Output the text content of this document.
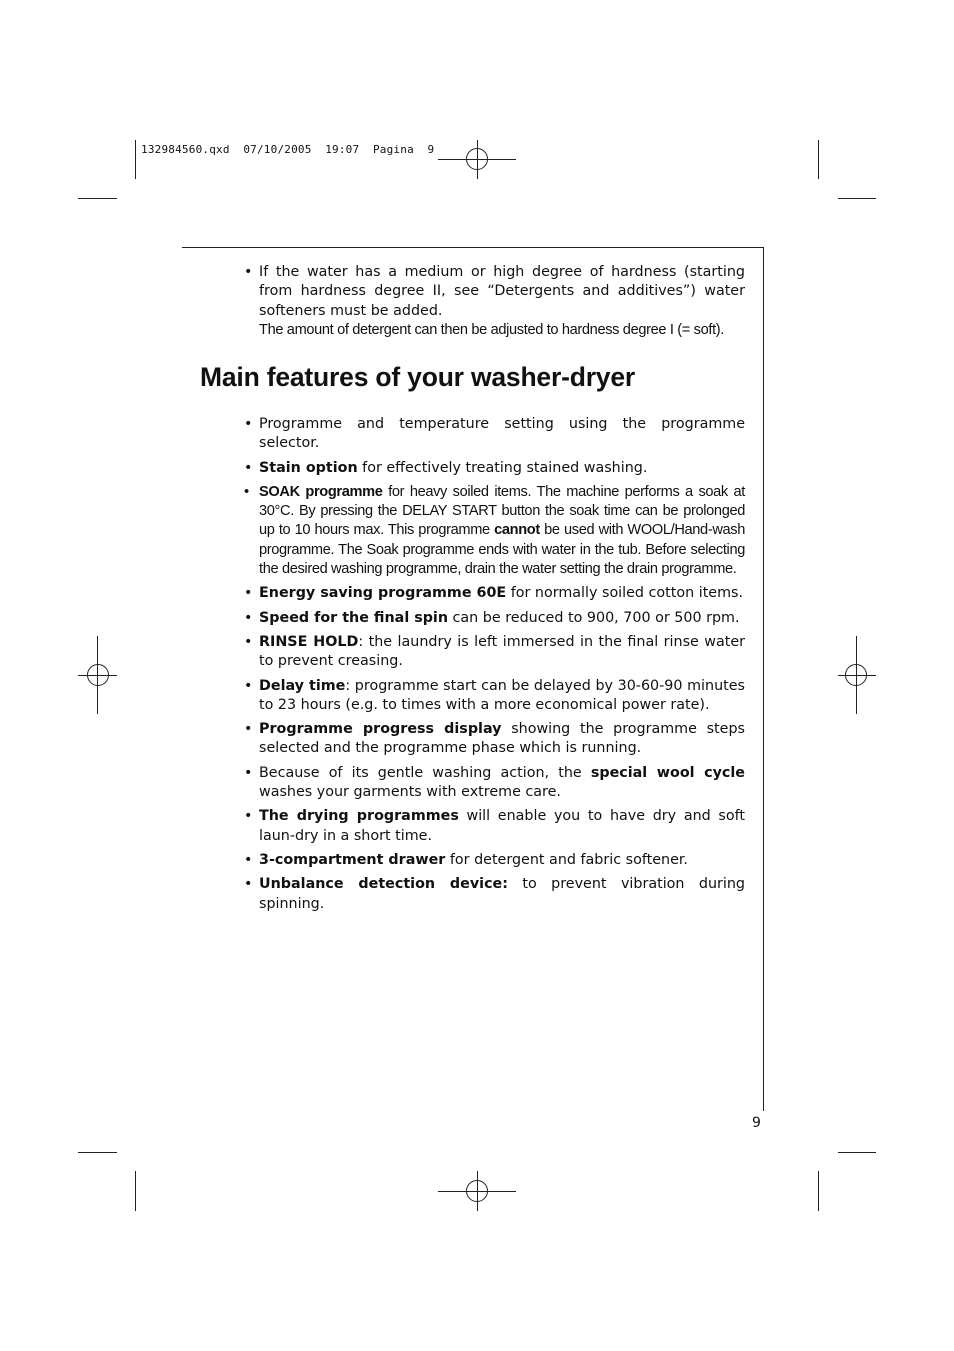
132984560.qxd  07/10/2005  19:07  Pagina  9
• If the water has a medium or high degree of hardness (starting from hardness degree II, see “Detergents and additives”) water softeners must be added.
The amount of detergent can then be adjusted to hardness degree I (= soft).
Main features of your washer-dryer
• Programme and temperature setting using the programme selector.
• Stain option for effectively treating stained washing.
• SOAK programme for heavy soiled items. The machine performs a soak at 30°C. By pressing the DELAY START button the soak time can be prolonged up to 10 hours max. This programme cannot be used with WOOL/Hand-wash programme. The Soak programme ends with water in the tub. Before selecting the desired washing programme, drain the water setting the drain programme.
• Energy saving programme 60E for normally soiled cotton items.
• Speed for the final spin can be reduced to 900, 700 or 500 rpm.
• RINSE HOLD: the laundry is left immersed in the final rinse water to prevent creasing.
• Delay time: programme start can be delayed by 30-60-90 minutes to 23 hours (e.g. to times with a more economical power rate).
• Programme progress display showing the programme steps selected and the programme phase which is running.
• Because of its gentle washing action, the special wool cycle washes your garments with extreme care.
• The drying programmes will enable you to have dry and soft laun-dry in a short time.
• 3-compartment drawer for detergent and fabric softener.
• Unbalance detection device: to prevent vibration during spinning.
9
